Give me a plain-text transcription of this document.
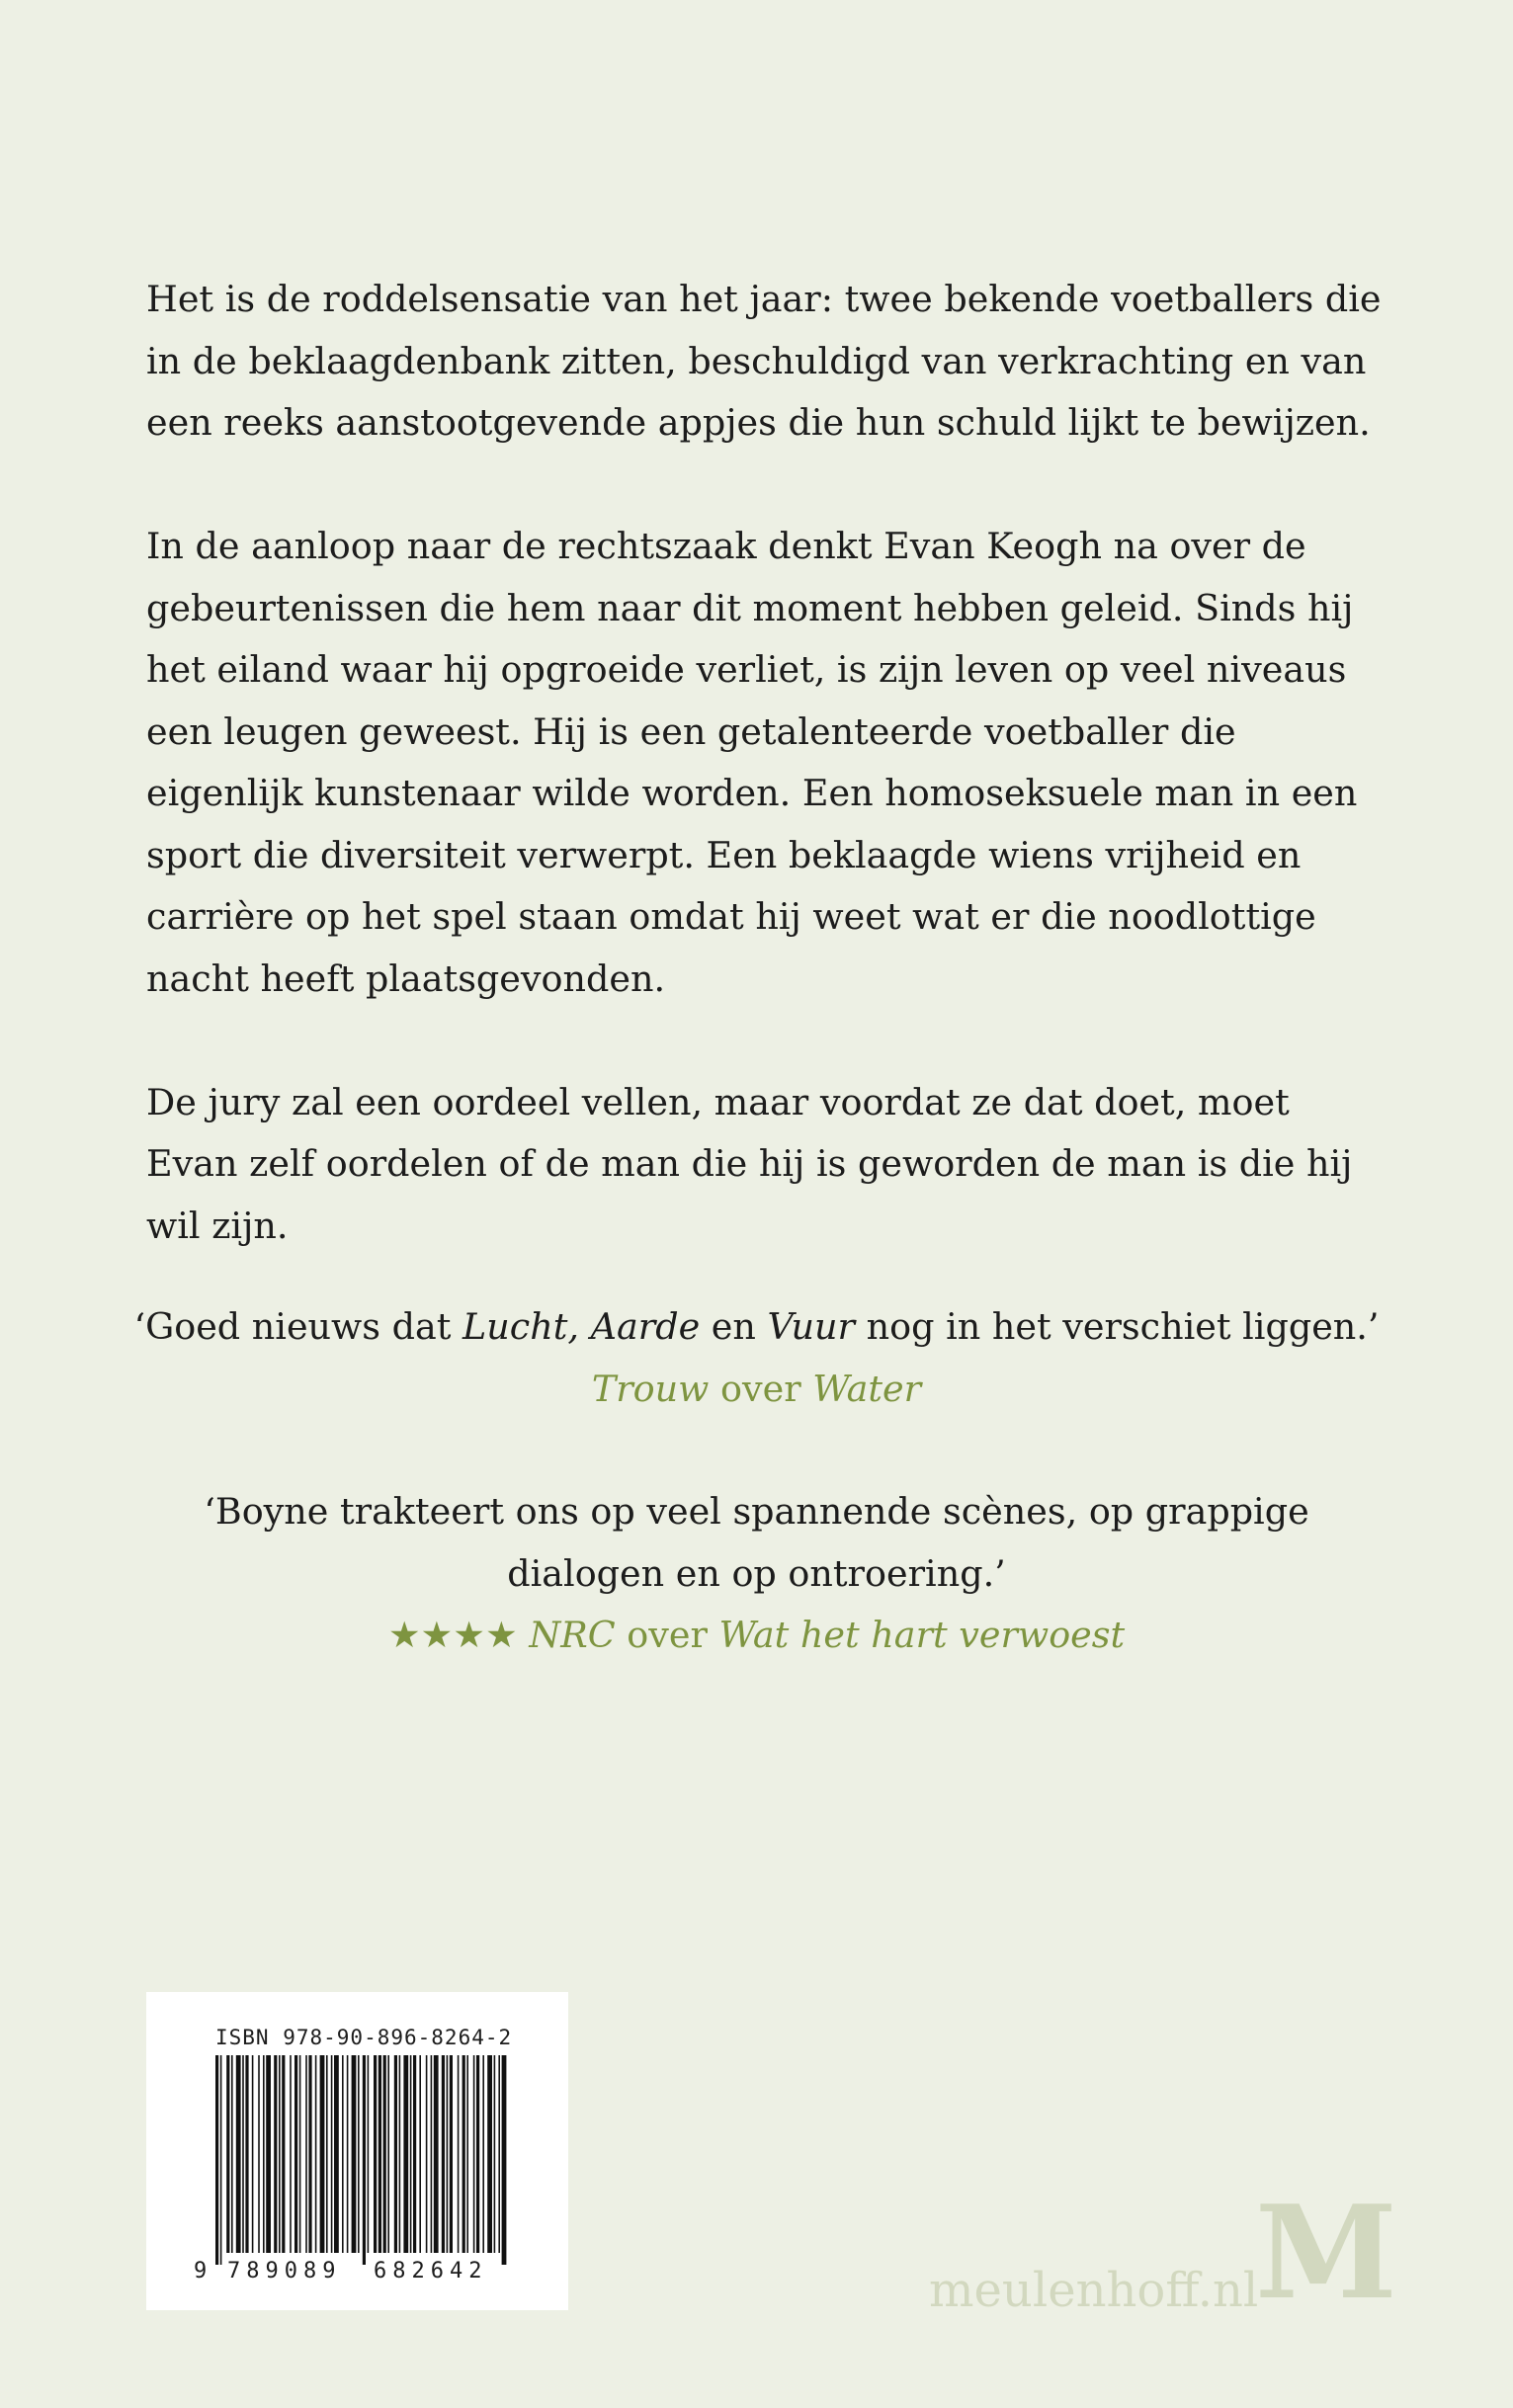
Het is de roddelsensatie van het jaar: twee bekende voetballers die in de beklaagdenbank zitten, beschuldigd van verkrachting en van een reeks aanstootgevende appjes die hun schuld lijkt te bewijzen.

In de aanloop naar de rechtszaak denkt Evan Keogh na over de gebeurtenissen die hem naar dit moment hebben geleid. Sinds hij het eiland waar hij opgroeide verliet, is zijn leven op veel niveaus een leugen geweest. Hij is een getalenteerde voetballer die eigenlijk kunstenaar wilde worden. Een homoseksuele man in een sport die diversiteit verwerpt. Een beklaagde wiens vrijheid en carrière op het spel staan omdat hij weet wat er die noodlottige nacht heeft plaatsgevonden.

De jury zal een oordeel vellen, maar voordat ze dat doet, moet Evan zelf oordelen of de man die hij is geworden de man is die hij wil zijn.

‘Goed nieuws dat Lucht, Aarde en Vuur nog in het verschiet liggen.’
Trouw over Water
‘Boyne trakteert ons op veel spannende scènes, op grappige
dialogen en op ontroering.’
★★★★ NRC over Wat het hart verwoest
ISBN 978-90-896-8264-2
9 789089 682642	meulenhoff.nl
M
